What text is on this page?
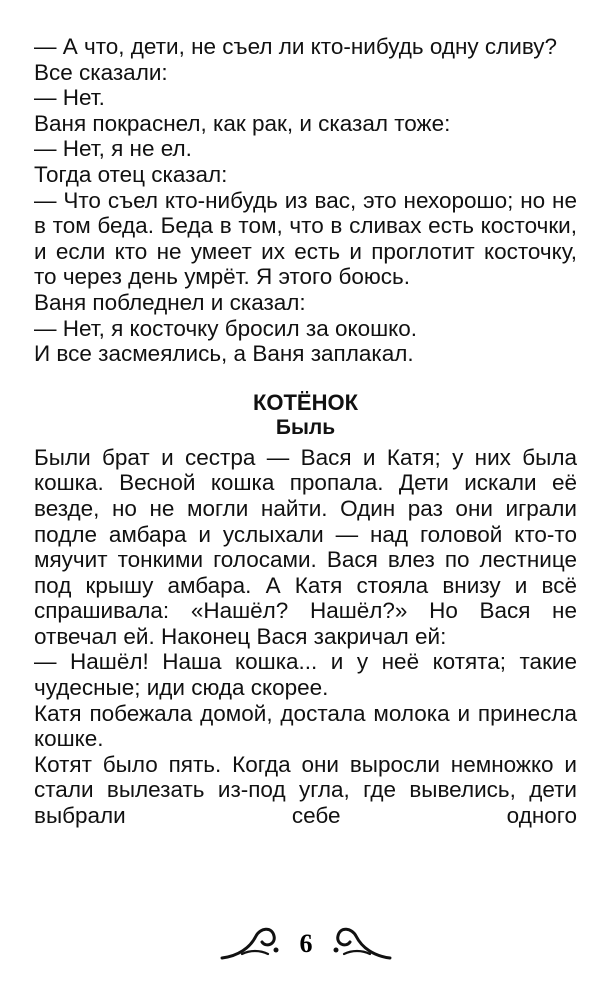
— А что, дети, не съел ли кто-нибудь одну сливу?

Все сказали:

— Нет.

Ваня покраснел, как рак, и сказал тоже:

— Нет, я не ел.

Тогда отец сказал:

— Что съел кто-нибудь из вас, это нехорошо; но не в том беда. Беда в том, что в сливах есть косточки, и если кто не умеет их есть и проглотит косточку, то через день умрёт. Я этого боюсь.

Ваня побледнел и сказал:

— Нет, я косточку бросил за окошко.

И все засмеялись, а Ваня заплакал.

КОТЁНОК
Быль

Были брат и сестра — Вася и Катя; у них была кошка. Весной кошка пропала. Дети искали её везде, но не могли найти. Один раз они играли подле амбара и услыхали — над головой кто-то мяучит тонкими голосами. Вася влез по лестнице под крышу амбара. А Катя стояла внизу и всё спрашивала: «Нашёл? Нашёл?» Но Вася не отвечал ей. Наконец Вася закричал ей:

— Нашёл! Наша кошка... и у неё котята; такие чудесные; иди сюда скорее.

Катя побежала домой, достала молока и принесла кошке.

Котят было пять. Когда они выросли немножко и стали вылезать из-под угла, где вывелись, дети выбрали себе одного

6
